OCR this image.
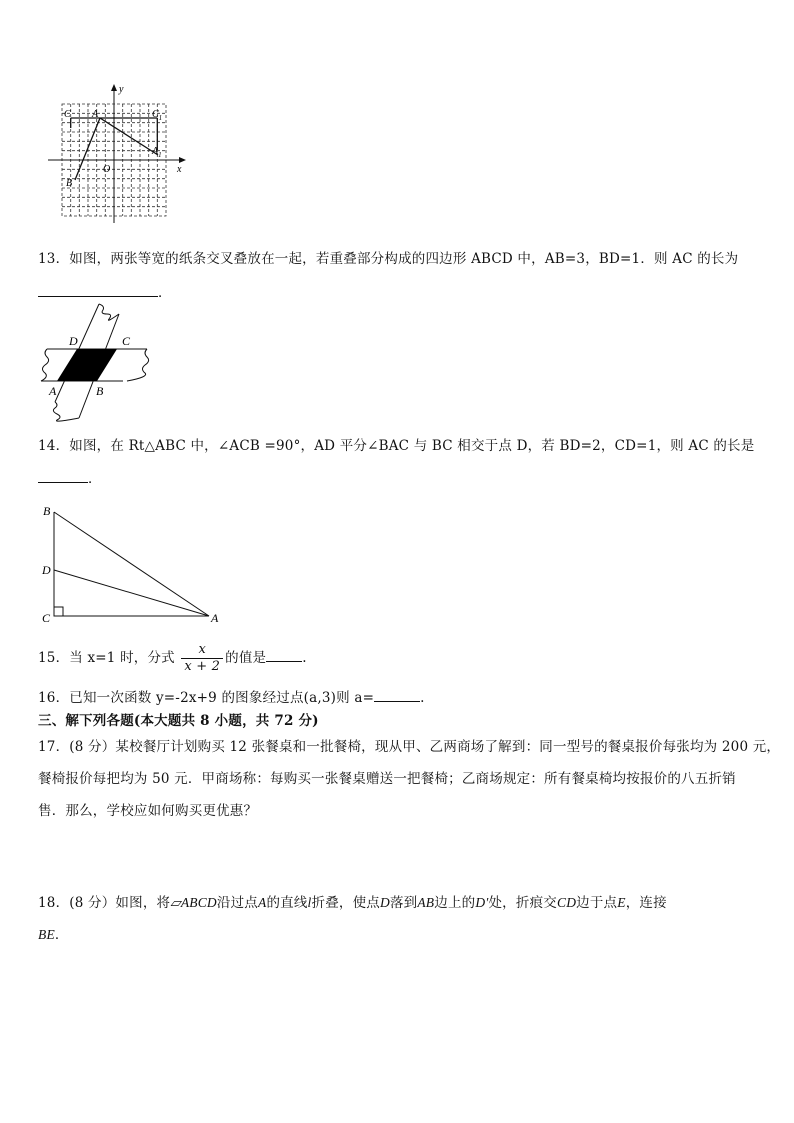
y
x
O
C A	$C_1$
$A_1$
B
13．如图，两张等宽的纸条交叉叠放在一起，若重叠部分构成的四边形 ABCD 中，AB=3，BD=1．则 AC 的长为
．
D	C
A	B
14．如图，在 Rt△ABC 中，∠ACB =90°，AD 平分∠BAC 与 BC 相交于点 D，若 BD=2，CD=1，则 AC 的长是
．
B
D
C	A
15．当 x=1 时，分式 $\frac{x}{x + 2}$ 的值是	.
16．已知一次函数 y=-2x+9 的图象经过点(a,3)则 a=	.
三、解下列各题(本大题共 8 小题，共 72 分)
17．(8 分）某校餐厅计划购买 12 张餐桌和一批餐椅，现从甲、乙两商场了解到：同一型号的餐桌报价每张均为 200 元，
餐椅报价每把均为 50 元．甲商场称：每购买一张餐桌赠送一把餐椅；乙商场规定：所有餐桌椅均按报价的八五折销
售．那么，学校应如何购买更优惠？
18．(8 分）如图，将▱ABCD沿过点A的直线l折叠，使点D落到AB边上的D′处，折痕交CD边于点E，连接
BE．
